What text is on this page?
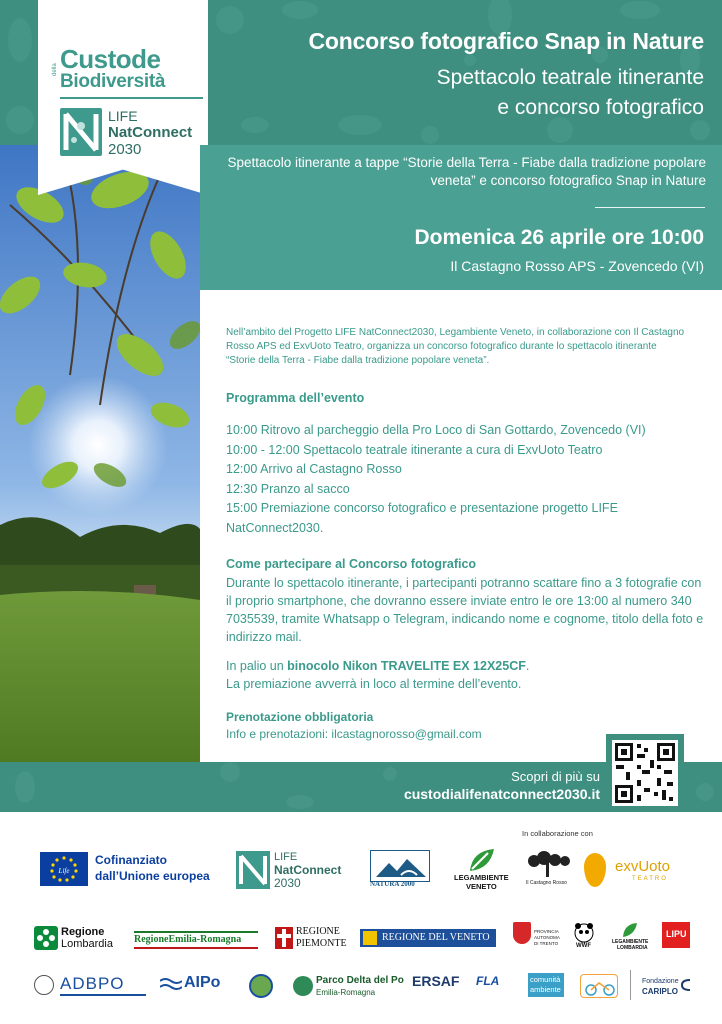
Concorso fotografico Snap in Nature
Spettacolo teatrale itinerante
e concorso fotografico
Custode
della
Biodiversità
LIFE
NatConnect
2030
Spettacolo itinerante a tappe “Storie della Terra - Fiabe dalla tradizione popolare veneta” e concorso fotografico Snap in Nature
Domenica 26 aprile ore 10:00
Il Castagno Rosso APS - Zovencedo (VI)
Nell’ambito del Progetto LIFE NatConnect2030, Legambiente Veneto, in collaborazione con Il Castagno Rosso APS ed ExvUoto Teatro, organizza un concorso fotografico durante lo spettacolo itinerante “Storie della Terra - Fiabe dalla tradizione popolare veneta”.
Programma dell’evento
10:00 Ritrovo al parcheggio della Pro Loco di San Gottardo, Zovencedo (VI)
10:00 - 12:00 Spettacolo teatrale itinerante a cura di ExvUoto Teatro
12:00 Arrivo al Castagno Rosso
12:30 Pranzo al sacco
15:00 Premiazione concorso fotografico e presentazione progetto LIFE NatConnect2030.
Come partecipare al Concorso fotografico
Durante lo spettacolo itinerante, i partecipanti potranno scattare fino a 3 fotografie con il proprio smartphone, che dovranno essere inviate entro le ore 13:00 al numero 340 7035539, tramite Whatsapp o Telegram, indicando nome e cognome, titolo della foto e indirizzo mail.
In palio un binocolo Nikon TRAVELITE EX 12X25CF.
La premiazione avverrà in loco al termine dell’evento.
Prenotazione obbligatoria
Info e prenotazioni: ilcastagnorosso@gmail.com
Scopri di più su
custodialifenatconnect2030.it
In collaborazione con
Life
Cofinanziato
dall’Unione europea
LIFE
NatConnect
2030	NATURA 2000
LEGAMBIENTE
VENETO	Il Castagno Rosso
exvUoto
TEATRO
Regione
Lombardia RegioneEmilia-Romagna
REGIONE
PIEMONTE
REGIONE DEL VENETO
PROVINCIA AUTONOMA DI TRENTO	WWF
LEGAMBIENTE
LOMBARDIA
LIPU
ADBPO	AIPo	Parco Delta del Po
Emilia-Romagna
ERSAF FLA	comunità
ambiente
Fondazione
CARIPLO
